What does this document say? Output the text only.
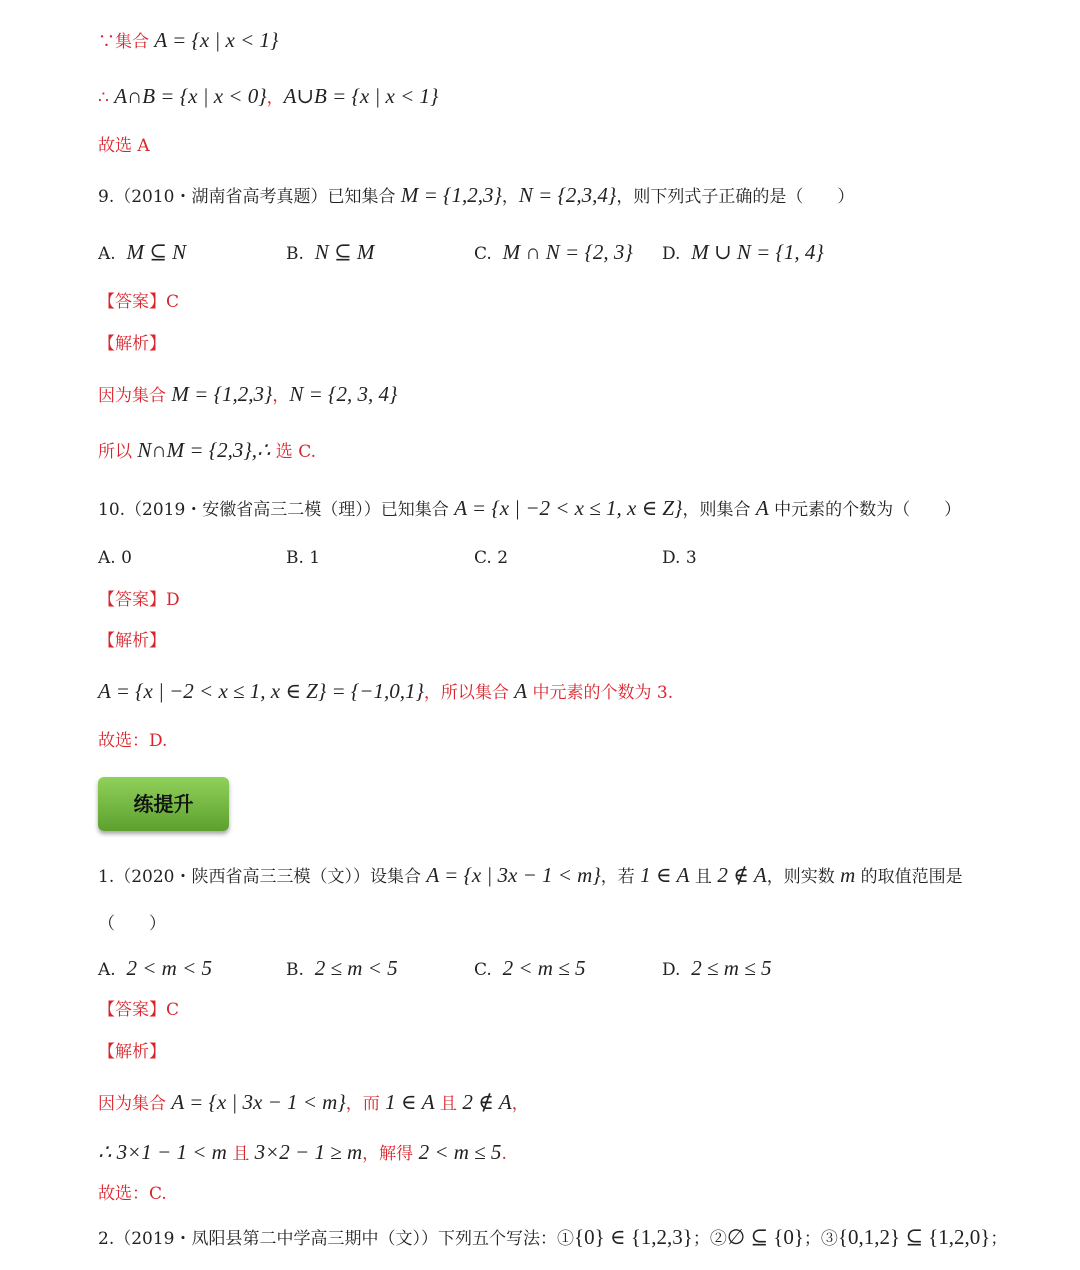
∵集合 A = {x | x < 1}
∴ A∩B = {x | x < 0}，A∪B = {x | x < 1}
故选 A
9.（2010・湖南省高考真题）已知集合 M = {1,2,3}，N = {2,3,4}，则下列式子正确的是（　　）
A. M ⊆ N	B. N ⊆ M	C. M ∩ N = {2, 3} D. M ∪ N = {1, 4}
【答案】C
【解析】
因为集合 M = {1,2,3}，N = {2, 3, 4}
所以 N∩M = {2,3},∴ 选 C.
10.（2019・安徽省高三二模（理））已知集合 A = {x | −2 < x ≤ 1, x ∈ Z}，则集合 A 中元素的个数为（　　）
A. 0	B. 1	C. 2	D. 3
【答案】D
【解析】
A = {x | −2 < x ≤ 1, x ∈ Z} = {−1,0,1}，所以集合 A 中元素的个数为 3.
故选：D.
练提升
1.（2020・陕西省高三三模（文））设集合 A = {x | 3x − 1 < m}，若 1 ∈ A 且 2 ∉ A，则实数 m 的取值范围是
（　　）
A. 2 < m < 5	B. 2 ≤ m < 5	C. 2 < m ≤ 5	D. 2 ≤ m ≤ 5
【答案】C
【解析】
因为集合 A = {x | 3x − 1 < m}，而 1 ∈ A 且 2 ∉ A，
∴ 3×1 − 1 < m 且 3×2 − 1 ≥ m，解得 2 < m ≤ 5.
故选：C.
2.（2019・凤阳县第二中学高三期中（文））下列五个写法：①{0} ∈ {1,2,3}；②∅ ⊆ {0}；③{0,1,2} ⊆ {1,2,0}；
